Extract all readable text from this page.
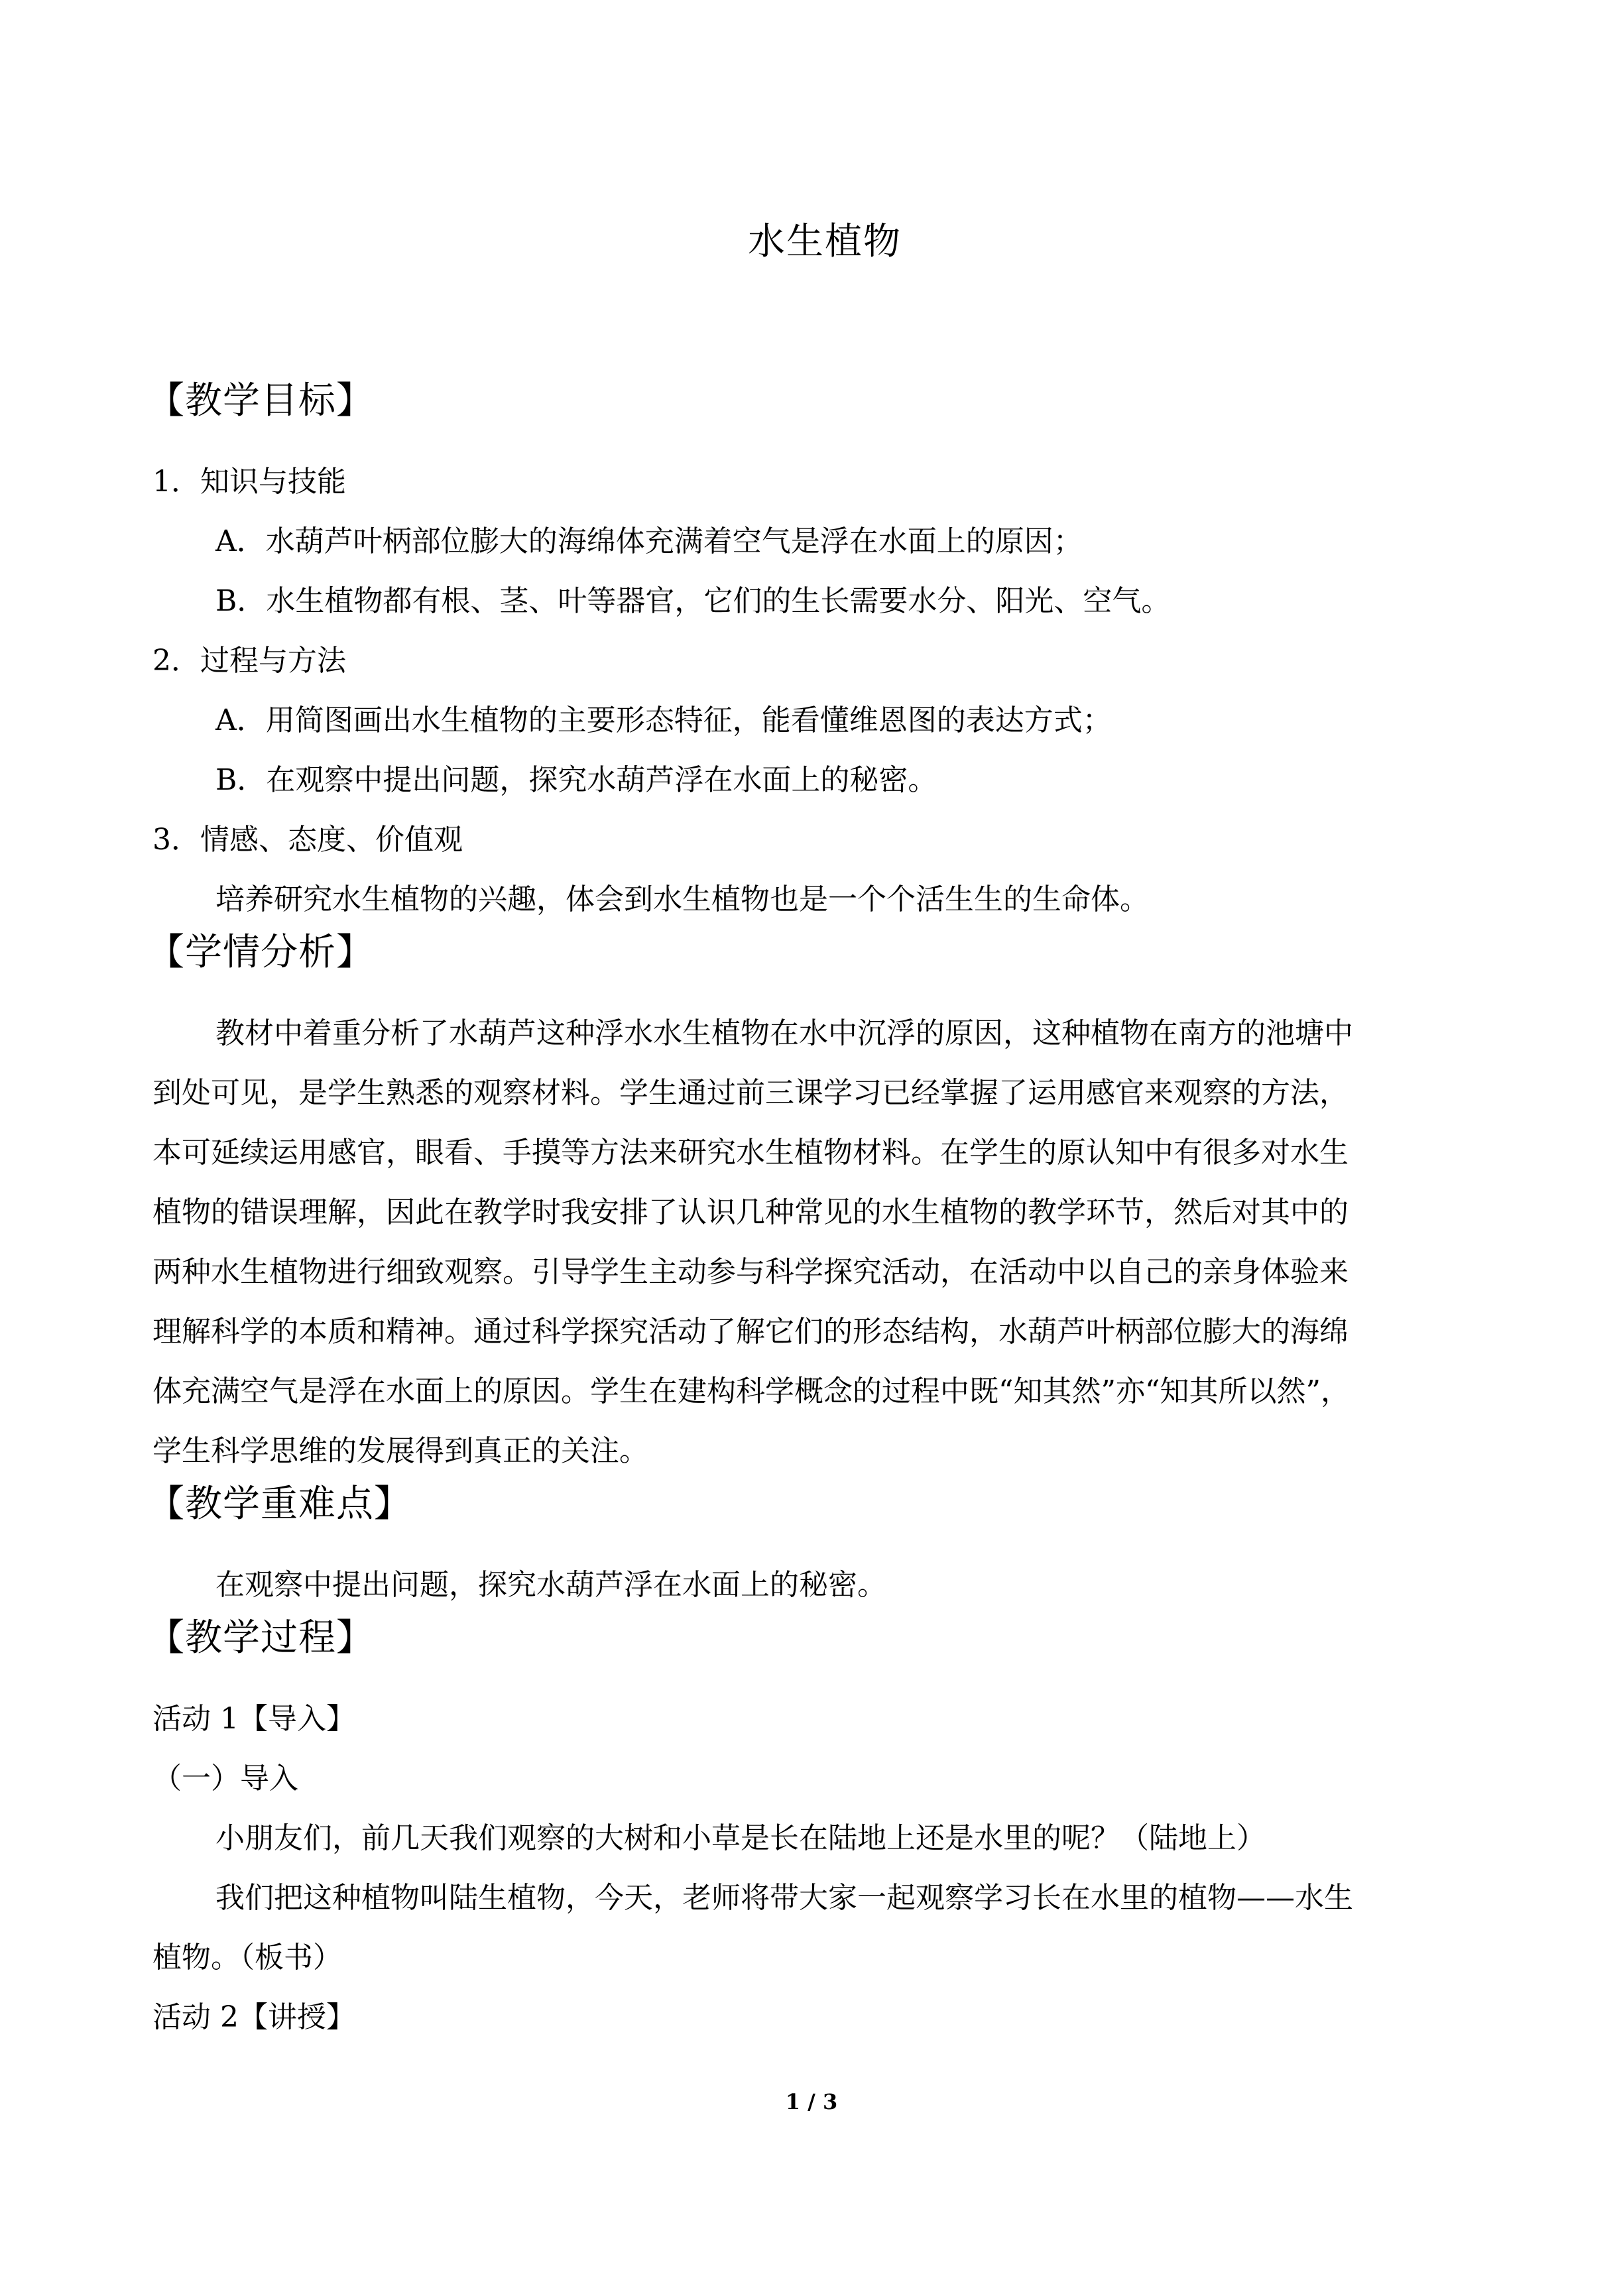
水生植物
【教学目标】

1．知识与技能

A．水葫芦叶柄部位膨大的海绵体充满着空气是浮在水面上的原因；

B．水生植物都有根、茎、叶等器官，它们的生长需要水分、阳光、空气。

2．过程与方法

A．用简图画出水生植物的主要形态特征，能看懂维恩图的表达方式；

B．在观察中提出问题，探究水葫芦浮在水面上的秘密。

3．情感、态度、价值观

培养研究水生植物的兴趣，体会到水生植物也是一个个活生生的生命体。

【学情分析】

教材中着重分析了水葫芦这种浮水水生植物在水中沉浮的原因，这种植物在南方的池塘中

到处可见，是学生熟悉的观察材料。学生通过前三课学习已经掌握了运用感官来观察的方法，

本可延续运用感官，眼看、手摸等方法来研究水生植物材料。在学生的原认知中有很多对水生

植物的错误理解，因此在教学时我安排了认识几种常见的水生植物的教学环节，然后对其中的

两种水生植物进行细致观察。引导学生主动参与科学探究活动，在活动中以自己的亲身体验来

理解科学的本质和精神。通过科学探究活动了解它们的形态结构，水葫芦叶柄部位膨大的海绵

体充满空气是浮在水面上的原因。学生在建构科学概念的过程中既“知其然”亦“知其所以然”，

学生科学思维的发展得到真正的关注。

【教学重难点】

在观察中提出问题，探究水葫芦浮在水面上的秘密。

【教学过程】

活动 1【导入】

（一）导入

小朋友们，前几天我们观察的大树和小草是长在陆地上还是水里的呢？（陆地上）

我们把这种植物叫陆生植物，今天，老师将带大家一起观察学习长在水里的植物——水生

植物。（板书）

活动 2【讲授】

1 / 3
